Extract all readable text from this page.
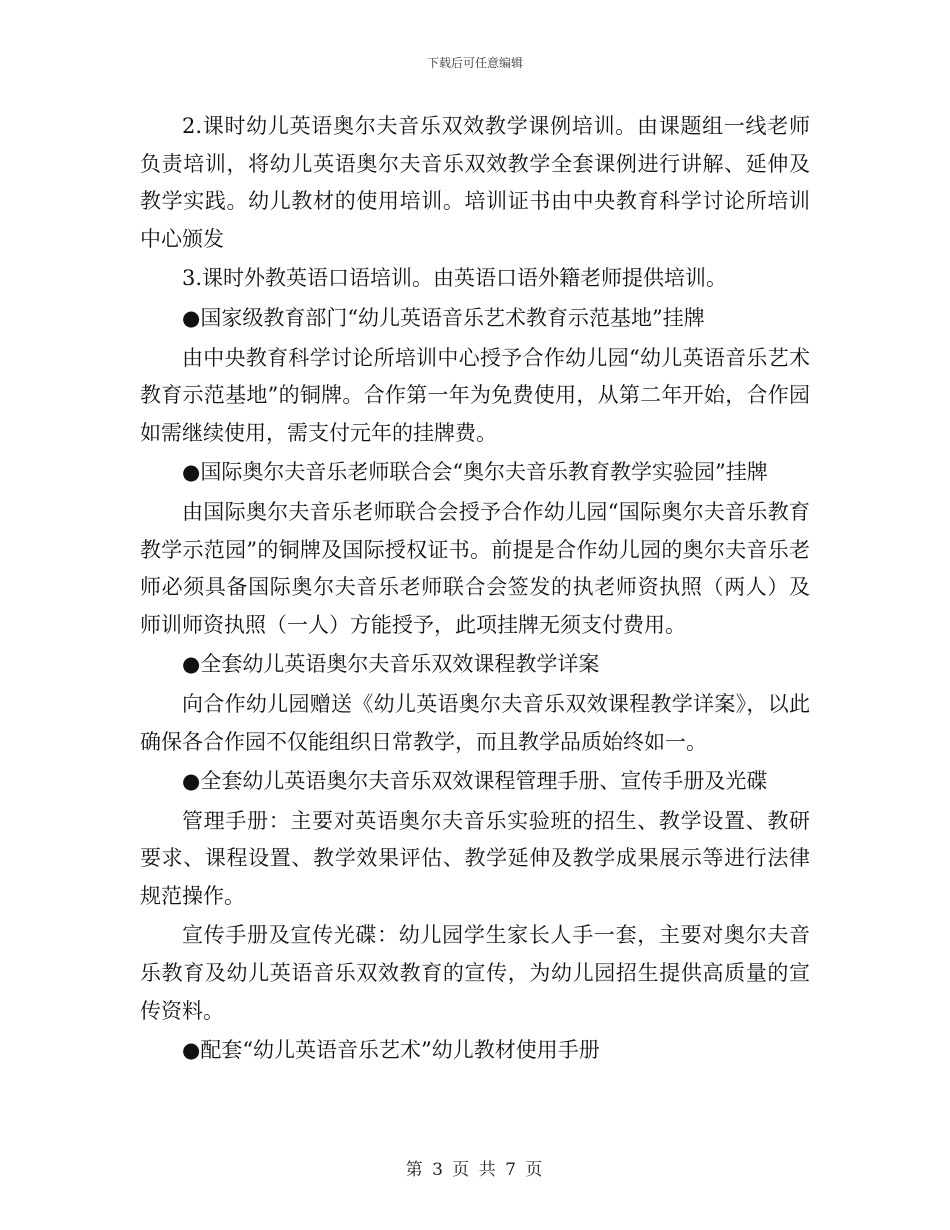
下载后可任意编辑

2.课时幼儿英语奥尔夫音乐双效教学课例培训。由课题组一线老师负责培训，将幼儿英语奥尔夫音乐双效教学全套课例进行讲解、延伸及教学实践。幼儿教材的使用培训。培训证书由中央教育科学讨论所培训中心颁发

3.课时外教英语口语培训。由英语口语外籍老师提供培训。

●国家级教育部门“幼儿英语音乐艺术教育示范基地”挂牌

由中央教育科学讨论所培训中心授予合作幼儿园“幼儿英语音乐艺术教育示范基地”的铜牌。合作第一年为免费使用，从第二年开始，合作园如需继续使用，需支付元年的挂牌费。

●国际奥尔夫音乐老师联合会“奥尔夫音乐教育教学实验园”挂牌

由国际奥尔夫音乐老师联合会授予合作幼儿园“国际奥尔夫音乐教育教学示范园”的铜牌及国际授权证书。前提是合作幼儿园的奥尔夫音乐老师必须具备国际奥尔夫音乐老师联合会签发的执老师资执照（两人）及师训师资执照（一人）方能授予，此项挂牌无须支付费用。

●全套幼儿英语奥尔夫音乐双效课程教学详案

向合作幼儿园赠送《幼儿英语奥尔夫音乐双效课程教学详案》，以此确保各合作园不仅能组织日常教学，而且教学品质始终如一。

●全套幼儿英语奥尔夫音乐双效课程管理手册、宣传手册及光碟

管理手册：主要对英语奥尔夫音乐实验班的招生、教学设置、教研要求、课程设置、教学效果评估、教学延伸及教学成果展示等进行法律规范操作。

宣传手册及宣传光碟：幼儿园学生家长人手一套，主要对奥尔夫音乐教育及幼儿英语音乐双效教育的宣传，为幼儿园招生提供高质量的宣传资料。

●配套“幼儿英语音乐艺术”幼儿教材使用手册

第 3 页 共 7 页
